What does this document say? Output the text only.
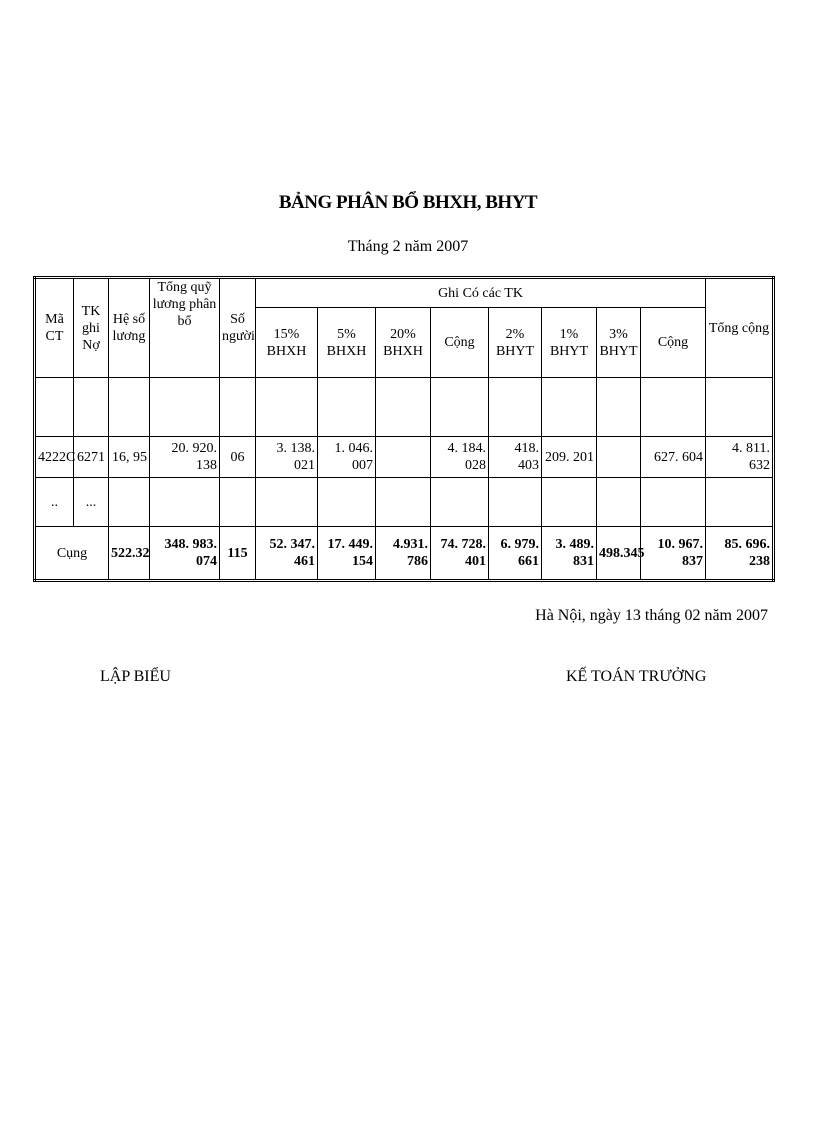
BẢNG PHÂN BỔ BHXH, BHYT
Tháng 2 năm 2007
Mã CT	TK ghi Nợ	Hệ số lương	Tổng quỹ lương phân bổ	Số người	Ghi Có các TK								Tổng cộng
					15% BHXH	5% BHXH	20% BHXH	Cộng	2% BHYT	1% BHYT	3% BHYT	Cộng	

4222C	6271	16, 95	20. 920. 138	06	3. 138. 021	1. 046. 007		4. 184. 028	418. 403	209. 201		627. 604	4. 811. 632
..	...												
Cụng		522.32	348. 983. 074	115	52. 347. 461	17. 449. 154	4.931. 786	74. 728. 401	6. 979. 661	3. 489. 831	498.345	10. 967. 837	85. 696. 238
Hà Nội, ngày 13 tháng 02 năm 2007
LẬP BIỂU	KẾ TOÁN TRƯỞNG
